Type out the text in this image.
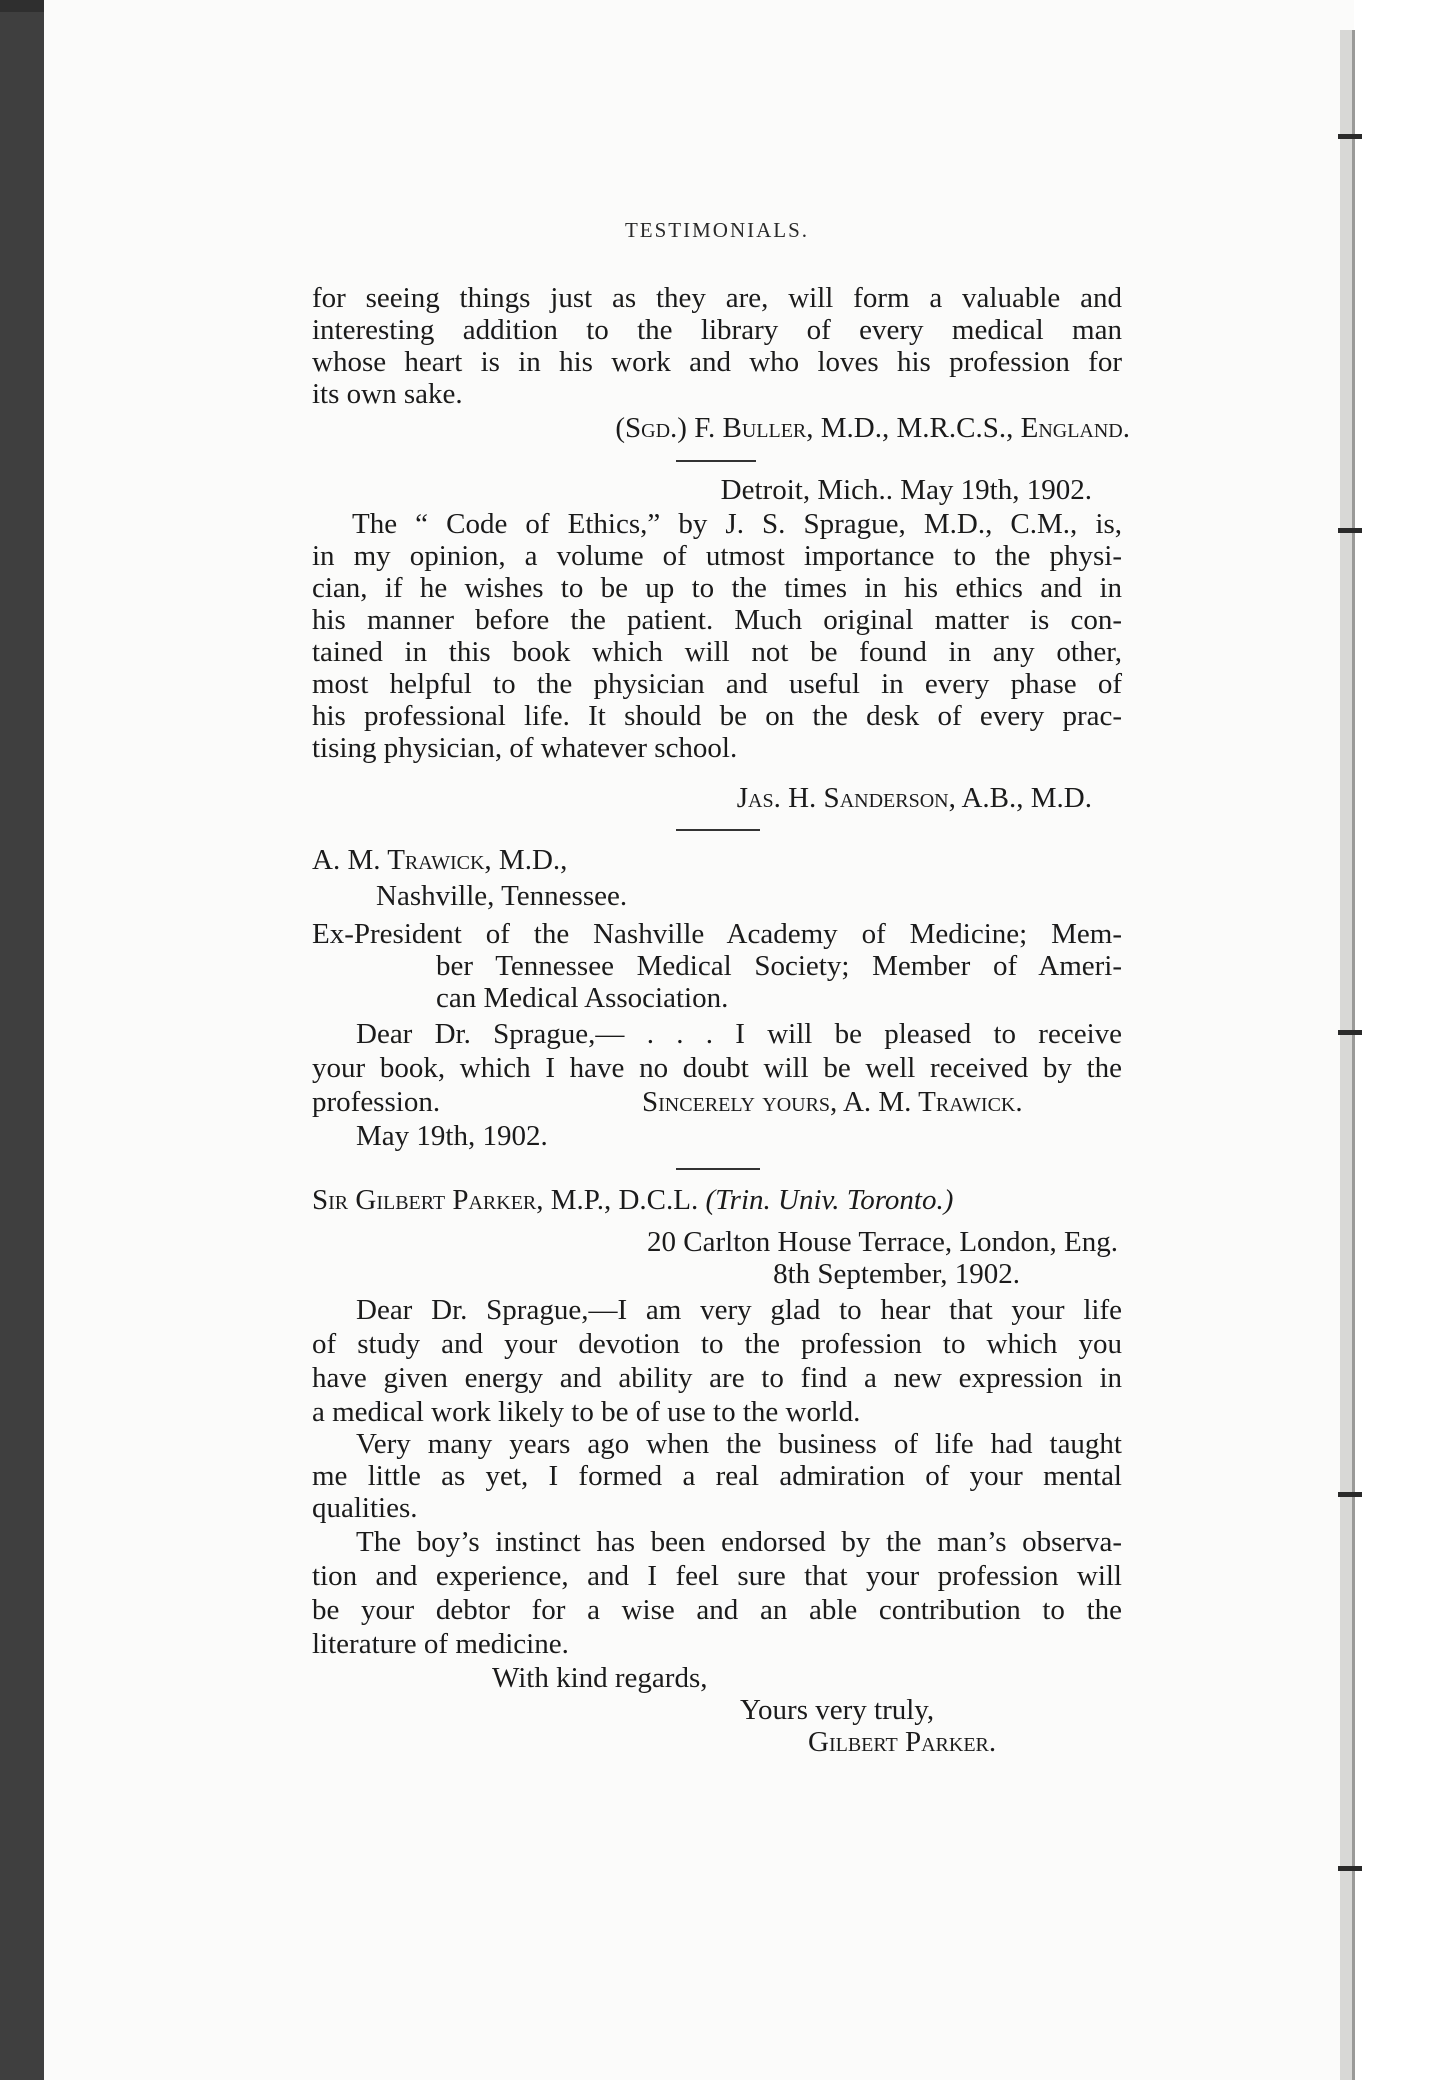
TESTIMONIALS.
for seeing things just as they are, will form a valuable and
interesting addition to the library of every medical man
whose heart is in his work and who loves his profession for
its own sake.
(Sgd.) F. Buller, M.D., M.R.C.S., England.
Detroit, Mich.. May 19th, 1902.
The “ Code of Ethics,” by J. S. Sprague, M.D., C.M., is,
in my opinion, a volume of utmost importance to the physi-
cian, if he wishes to be up to the times in his ethics and in
his manner before the patient. Much original matter is con-
tained in this book which will not be found in any other,
most helpful to the physician and useful in every phase of
his professional life. It should be on the desk of every prac-
tising physician, of whatever school.
Jas. H. Sanderson, A.B., M.D.
A. M. Trawick, M.D.,
Nashville, Tennessee.
Ex-President of the Nashville Academy of Medicine; Mem-
ber Tennessee Medical Society; Member of Ameri-
can Medical Association.
Dear Dr. Sprague,— . . . I will be pleased to receive
your book, which I have no doubt will be well received by the
profession.	Sincerely yours, A. M. Trawick.
May 19th, 1902.
Sir Gilbert Parker, M.P., D.C.L. (Trin. Univ. Toronto.)
20 Carlton House Terrace, London, Eng.
8th September, 1902.
Dear Dr. Sprague,—I am very glad to hear that your life
of study and your devotion to the profession to which you
have given energy and ability are to find a new expression in
a medical work likely to be of use to the world.
Very many years ago when the business of life had taught
me little as yet, I formed a real admiration of your mental
qualities.
The boy’s instinct has been endorsed by the man’s observa-
tion and experience, and I feel sure that your profession will
be your debtor for a wise and an able contribution to the
literature of medicine.
With kind regards,
Yours very truly,
Gilbert Parker.
